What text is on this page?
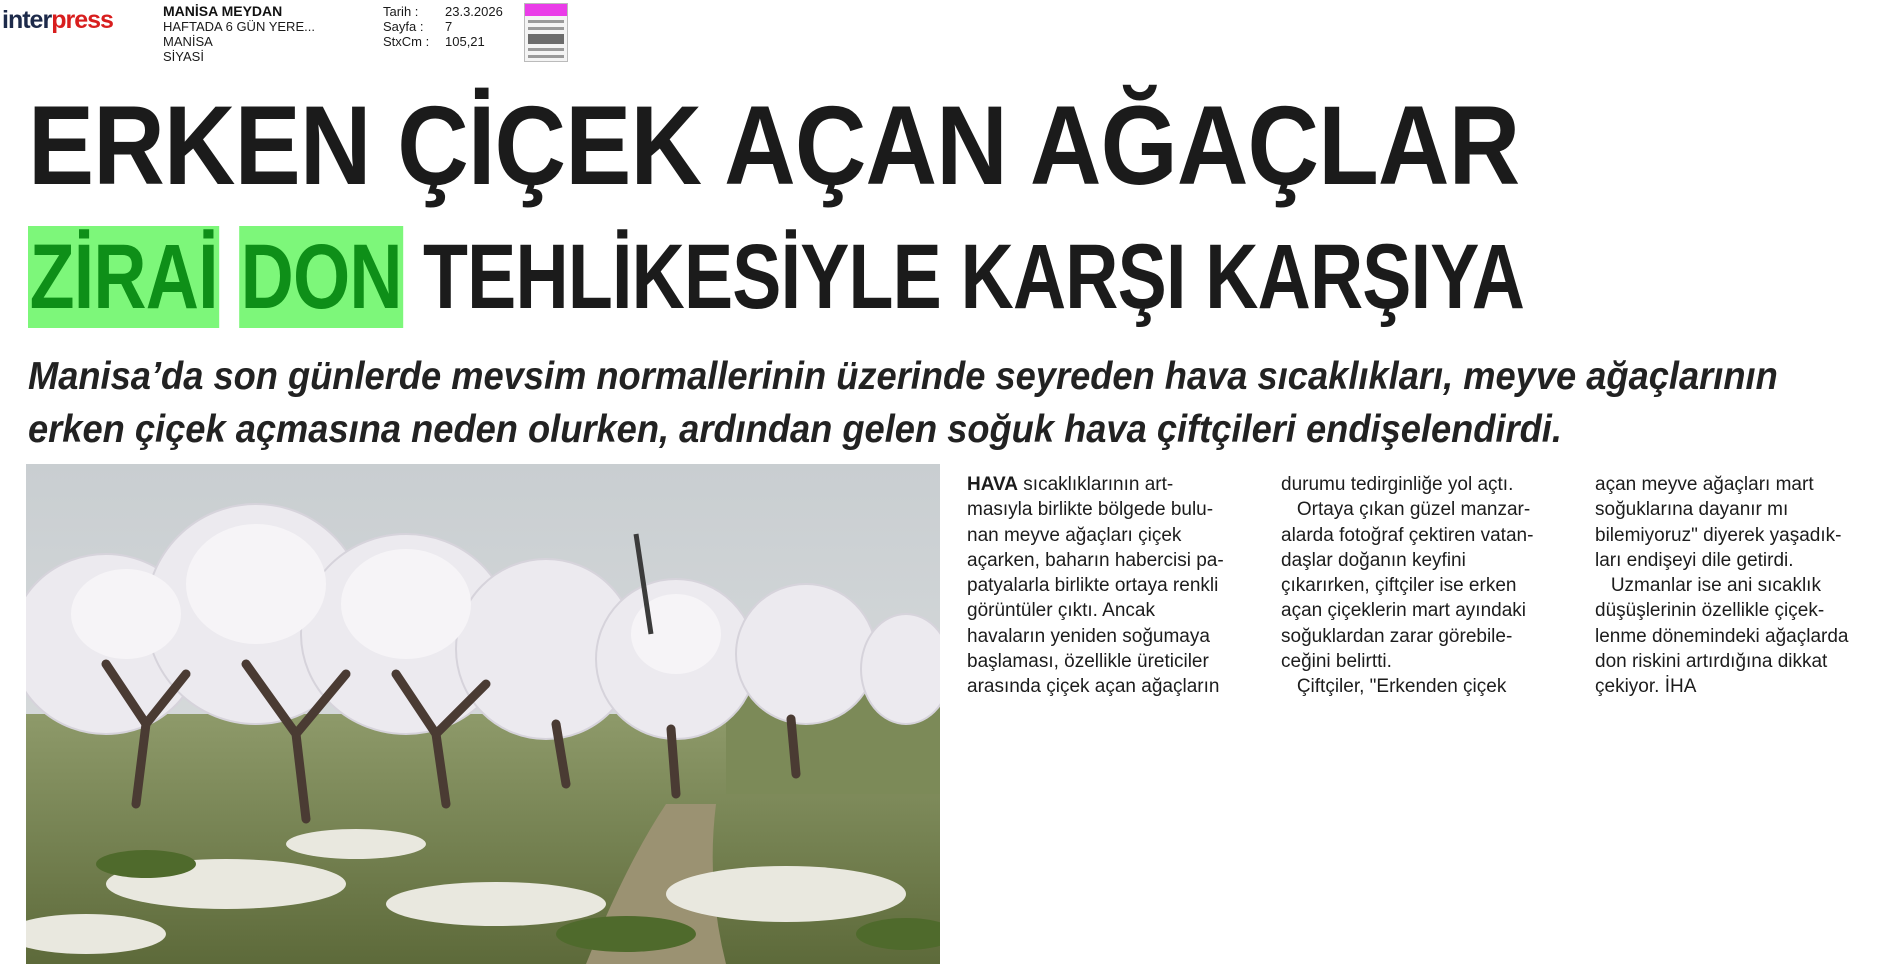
interpress	MANİSA MEYDAN
HAFTADA 6 GÜN YERE...
MANİSA
SİYASİ
Tarih :	23.3.2026
Sayfa :	7
StxCm :	105,21
ERKEN ÇİÇEK AÇAN AĞAÇLAR
ZİRAİ DON TEHLİKESİYLE KARŞI KARŞIYA

Manisa’da son günlerde mevsim normallerinin üzerinde seyreden hava sıcaklıkları, meyve ağaçlarının
erken çiçek açmasına neden olurken, ardından gelen soğuk hava çiftçileri endişelendirdi.

HAVA sıcaklıklarının art-
masıyla birlikte bölgede bulu-
nan meyve ağaçları çiçek
açarken, baharın habercisi pa-
patyalarla birlikte ortaya renkli
görüntüler çıktı. Ancak
havaların yeniden soğumaya
başlaması, özellikle üreticiler
arasında çiçek açan ağaçların
durumu tedirginliğe yol açtı.
Ortaya çıkan güzel manzar-
alarda fotoğraf çektiren vatan-
daşlar doğanın keyfini
çıkarırken, çiftçiler ise erken
açan çiçeklerin mart ayındaki
soğuklardan zarar görebile-
ceğini belirtti.
Çiftçiler, "Erkenden çiçek
açan meyve ağaçları mart
soğuklarına dayanır mı
bilemiyoruz" diyerek yaşadık-
ları endişeyi dile getirdi.
Uzmanlar ise ani sıcaklık
düşüşlerinin özellikle çiçek-
lenme dönemindeki ağaçlarda
don riskini artırdığına dikkat
çekiyor. İHA
